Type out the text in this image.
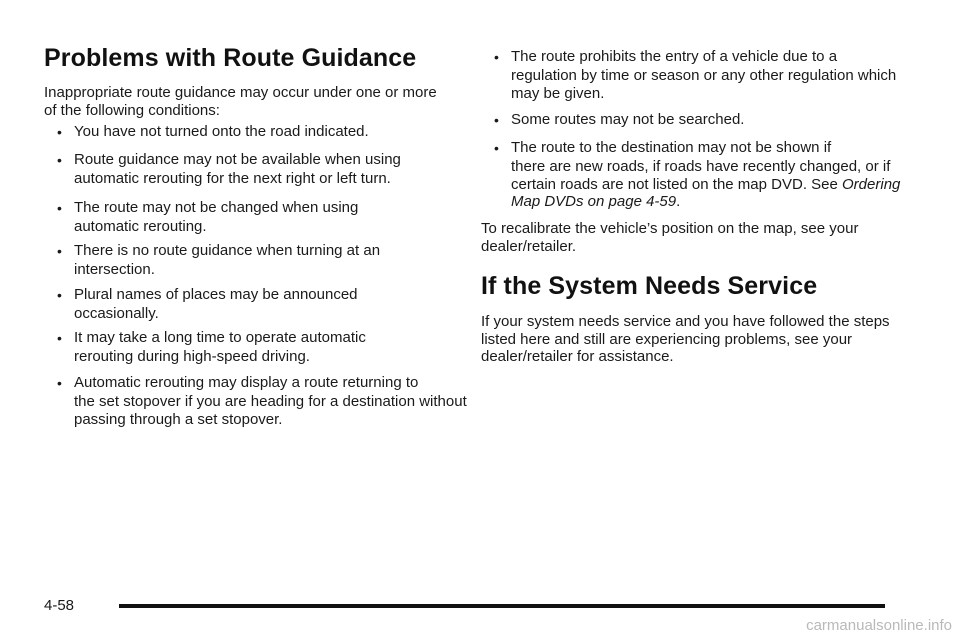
Problems with Route Guidance

Inappropriate route guidance may occur under one or more of the following conditions:

• You have not turned onto the road indicated.
• Route guidance may not be available when using
automatic rerouting for the next right or left turn.
• The route may not be changed when using
automatic rerouting.
• There is no route guidance when turning at an
intersection.
• Plural names of places may be announced
occasionally.
• It may take a long time to operate automatic
rerouting during high-speed driving.
• Automatic rerouting may display a route returning to
the set stopover if you are heading for a destination without passing through a set stopover.
• The route prohibits the entry of a vehicle due to a
regulation by time or season or any other regulation which may be given.
• Some routes may not be searched.
• The route to the destination may not be shown if
there are new roads, if roads have recently changed, or if certain roads are not listed on the map DVD. See Ordering Map DVDs on page 4-59.

To recalibrate the vehicle’s position on the map, see your dealer/retailer.

If the System Needs Service

If your system needs service and you have followed the steps listed here and still are experiencing problems, see your dealer/retailer for assistance.

4-58
carmanualsonline.info
